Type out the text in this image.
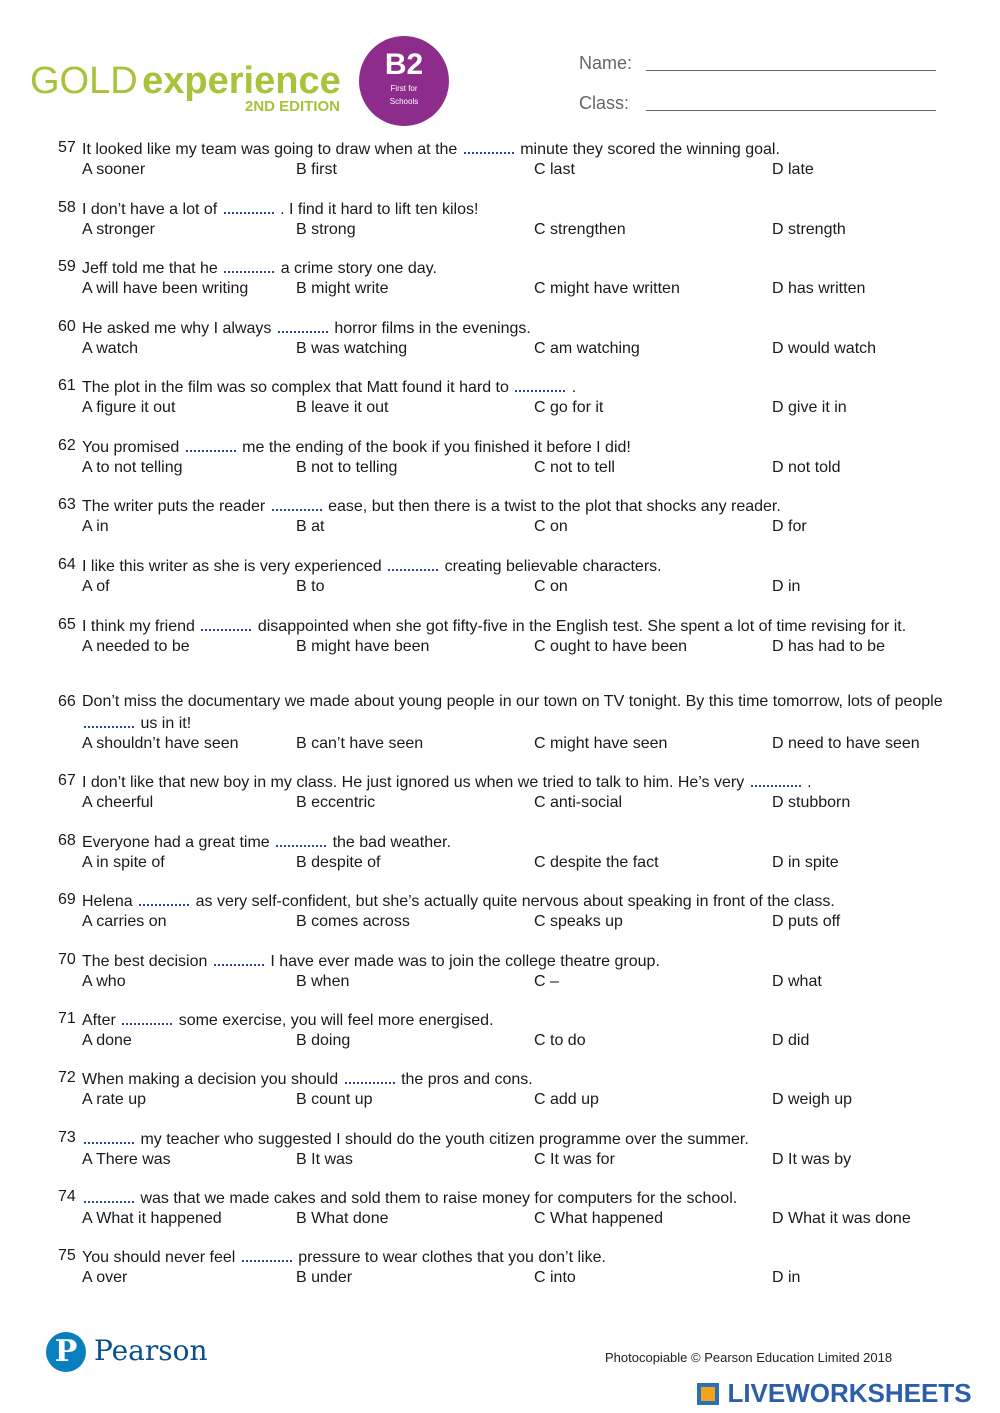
GOLD experience
2ND EDITION
B2
First for
Schools
Name:
Class:
57 It looked like my team was going to draw when at the	minute they scored the winning goal.
A sooner	B first	C last	D late
58 I don’t have a lot of	. I find it hard to lift ten kilos!
A stronger	B strong	C strengthen	D strength
59 Jeff told me that he	a crime story one day.
A will have been writing	B might write	C might have written	D has written
60 He asked me why I always	horror films in the evenings.
A watch	B was watching	C am watching	D would watch
61 The plot in the film was so complex that Matt found it hard to	.
A figure it out	B leave it out	C go for it	D give it in
62 You promised	me the ending of the book if you finished it before I did!
A to not telling	B not to telling	C not to tell	D not told
63 The writer puts the reader	ease, but then there is a twist to the plot that shocks any reader.
A in	B at	C on	D for
64 I like this writer as she is very experienced	creating believable characters.
A of	B to	C on	D in
65 I think my friend	disappointed when she got fifty-five in the English test. She spent a lot of time revising for it.
A needed to be	B might have been	C ought to have been	D has had to be
66 Don’t miss the documentary we made about young people in our town on TV tonight. By this time tomorrow, lots of people  us in it!
A shouldn’t have seen	B can’t have seen	C might have seen	D need to have seen
67 I don’t like that new boy in my class. He just ignored us when we tried to talk to him. He’s very	.
A cheerful	B eccentric	C anti-social	D stubborn
68 Everyone had a great time	the bad weather.
A in spite of	B despite of	C despite the fact	D in spite
69 Helena	as very self-confident, but she’s actually quite nervous about speaking in front of the class.
A carries on	B comes across	C speaks up	D puts off
70 The best decision	I have ever made was to join the college theatre group.
A who	B when	C –	D what
71 After	some exercise, you will feel more energised.
A done	B doing	C to do	D did
72 When making a decision you should	the pros and cons.
A rate up	B count up	C add up	D weigh up
73	my teacher who suggested I should do the youth citizen programme over the summer.
A There was	B It was	C It was for	D It was by
74	was that we made cakes and sold them to raise money for computers for the school.
A What it happened	B What done	C What happened	D What it was done
75 You should never feel	pressure to wear clothes that you don’t like.
A over	B under	C into	D in
P Pearson	Photocopiable © Pearson Education Limited 2018
LIVEWORKSHEETS
